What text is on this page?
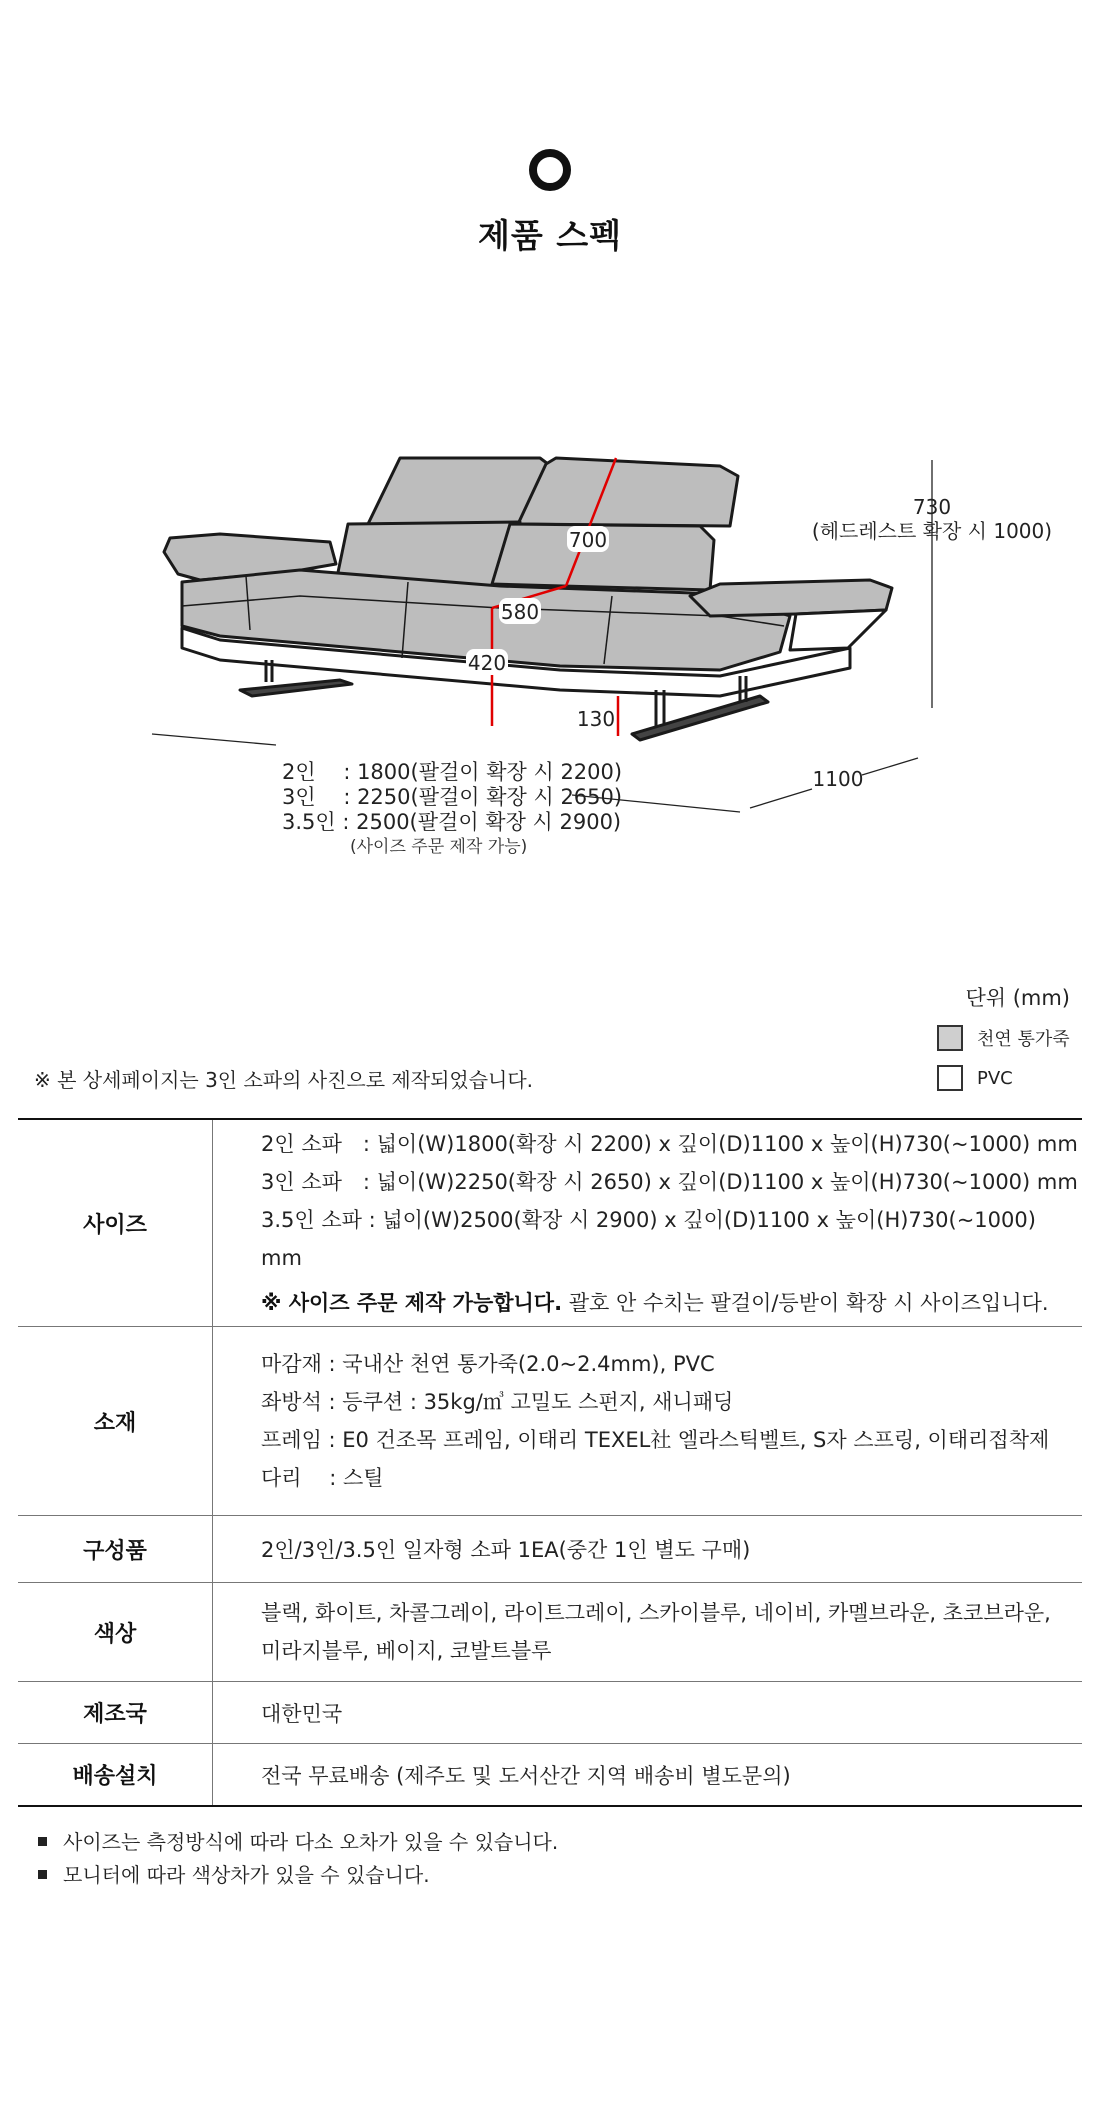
제품 스펙
730
(헤드레스트 확장 시 1000)
700
580
420
130
1100
2인　 : 1800(팔걸이 확장 시 2200)
3인　 : 2250(팔걸이 확장 시 2650)
3.5인 : 2500(팔걸이 확장 시 2900)
(사이즈 주문 제작 가능)
단위 (mm)
천연 통가죽
PVC
※ 본 상세페이지는 3인 소파의 사진으로 제작되었습니다.
사이즈	2인 소파　: 넓이(W)1800(확장 시 2200) x 깊이(D)1100 x 높이(H)730(~1000) mm
3인 소파　: 넓이(W)2250(확장 시 2650) x 깊이(D)1100 x 높이(H)730(~1000) mm
3.5인 소파 : 넓이(W)2500(확장 시 2900) x 깊이(D)1100 x 높이(H)730(~1000) mm
※ 사이즈 주문 제작 가능합니다. 괄호 안 수치는 팔걸이/등받이 확장 시 사이즈입니다.

소재	마감재 : 국내산 천연 통가죽(2.0~2.4mm), PVC
좌방석 : 등쿠션 : 35kg/㎥ 고밀도 스펀지, 새니패딩
프레임 : E0 건조목 프레임, 이태리 TEXEL社 엘라스틱벨트, S자 스프링, 이태리접착제
다리　 : 스틸

구성품	2인/3인/3.5인 일자형 소파 1EA(중간 1인 별도 구매)
색상	블랙, 화이트, 차콜그레이, 라이트그레이, 스카이블루, 네이비, 카멜브라운, 초코브라운,
미라지블루, 베이지, 코발트블루

제조국	대한민국
배송설치	전국 무료배송 (제주도 및 도서산간 지역 배송비 별도문의)
사이즈는 측정방식에 따라 다소 오차가 있을 수 있습니다.
모니터에 따라 색상차가 있을 수 있습니다.
